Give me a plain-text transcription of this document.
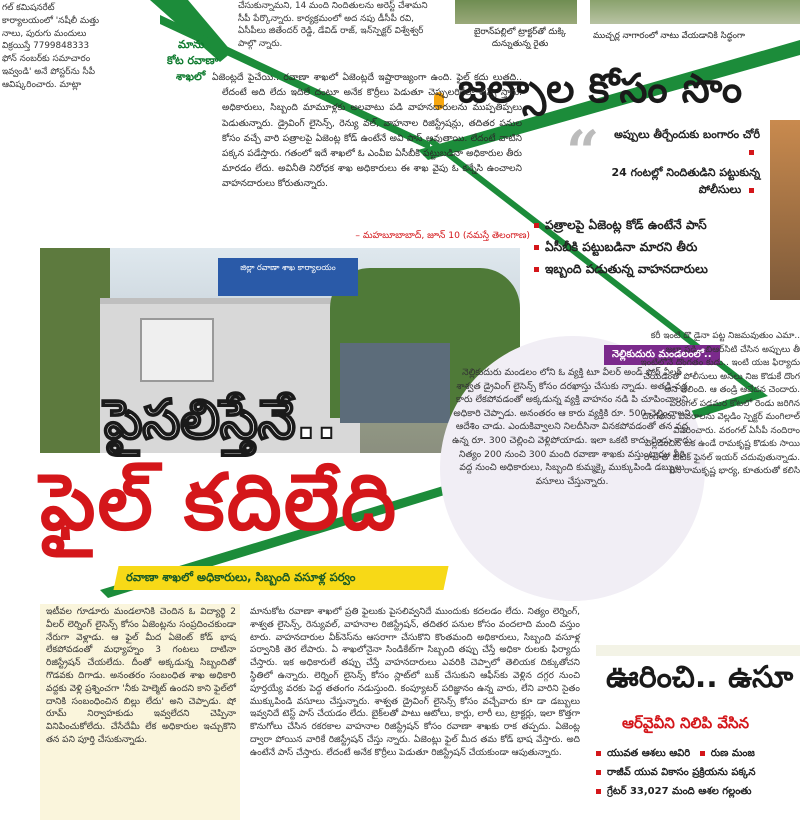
గల్ కమిషనరేట్ కార్యాలయంలో 'నషీలీ మత్తు నాలు, పురుగు మందులు విక్రయిస్తే 7799848333 ఫోన్ నంబర్‌కు సమాచారం ఇవ్వండి' అనే పోస్టర్‌ను సీపీ ఆవిష్కరించారు. మాట్లా
చేసుకున్నామని, 14 మంది నిందితులను అరెస్ట్ చేశామని సీపీ పేర్కొన్నారు. కార్యక్రమంలో అద నపు డీసీపీ రవి, ఏసీపీలు జితేందర్ రెడ్డి, డేవిడ్ రాజ్, ఇన్‌స్పెక్టర్ విశ్వేశ్వర్ పాల్గొ న్నారు.
బైరాన్‌పల్లిలో ట్రాక్టర్‌తో దుక్కి దున్నుతున్న రైతు
ముచ్చర్ల నాగారంలో నాటు వేయడానికి సిద్ధంగా
జల్సాల కోసం సొం
“	అప్పులు తీర్చేందుకు బంగారం చోరీ
24 గంటల్లో నిందితుడిని పట్టుకున్న పోలీసులు
మాను
కోట రవాణా
శాఖలో ఏజెంట్లదే పైచేయి.. రవాణా శాఖలో ఏజెంట్లదే ఇష్టారాజ్యంగా ఉంది. ఫైల్ కదు లుతది.. లేదంటే అది లేదు ఇదిలే దంటూ అనేక కొర్రీలు పెడుతూ చెప్పులరిగేలా తిప్పి స్తారు. అధికారులు, సిబ్బంది మామూళ్లకు అలవాటు పడి వాహనదారులను ముప్పతిప్పలు పెడుతున్నారు. డ్రైవింగ్ లైసెన్స్, రెన్యు వల్, వాహనాల రిజిస్ట్రేషన్లు, తదితర పనుల కోసం వచ్చే వారి పత్రాలపై ఏజెంట్ల కోడ్ ఉంటేనే అవి పాస్ అవుతాయి. లేదంటే వాటిని పక్కన పడేస్తారు. గతంలో ఇదే శాఖలో ఓ ఎంవీఐ ఏసీబీకి పట్టుబడినా అధికారుల తీరు మారడం లేదు. అవినీతి నిరోధక శాఖ అధికారులు ఈ శాఖ వైపు ఓ కన్నేసి ఉంచాలని వాహనదారులు కోరుతున్నారు.
– మహబూబాబాద్, జూన్ 10 (నమస్తే తెలంగాణ)
పత్రాలపై ఏజెంట్ల కోడ్ ఉంటేనే పాస్
ఏసీబీకి పట్టుబడినా మారని తీరు
ఇబ్బంది పడుతున్న వాహనదారులు
జిల్లా రవాణా శాఖ కార్యాలయం
పైసలిస్తేనే..
ఫైల్ కదిలేది
రవాణా శాఖలో అధికారులు, సిబ్బంది వసూళ్ల పర్వం
నెల్లికుదురు మండలంలో..
నెల్లికుదురు మండలం లోని ఓ వ్యక్తి టూ వీలర్ అండ్ ఫోర్ వీలర్ శాశ్వత డ్రైవింగ్ లైసెన్స్ కోసం దరఖాస్తు చేసుకు న్నాడు. అతడి వద్ద కారు లేకపోవడంతో అక్కడున్న వ్యక్తి వాహనం నడి పి చూపించాలని అధికారి చెప్పాడు. అనంతరం ఆ కారు వ్యక్తికి రూ. 500 చెల్లించాలని ఆదేశిం చాడు. ఎందుకివ్వాలని నిలదీసినా వినకపోవడంతో తన వద్ద ఉన్న రూ. 300 చెల్లించి వెళ్లిపోయాడు. ఇలా ఒకటి కాదు రెండు కాదు నిత్యం 200 నుంచి 300 మంది రవాణా శాఖకు వస్తుంటారు. వీరి వద్ద నుంచి అధికారులు, సిబ్బంది కుమ్మక్కై ముక్కుపిండి డబ్బులు వసూలు చేస్తున్నారు.
కరీ ఇంటి దొ డైనా పట్ట నిజమవుతుం ఎమా.. జలా పడి.. బిఆర్‌సిటి చేసిన అప్పులు తీ ఇంటిలోనే దొంగతం కుడు.. ఇంటి యజ ఫిర్యాదు చేయడంతో పోలీసులు అసలు నిజ కొడుకే దొంగ అని తేలింది. ఆ తండ్రి ఆవేదన చెందారు. వరంగల్ పడమర కోటలో రెండు జరిగిన దొంగతనం వివరాలను వెల్లడిం స్పెక్టర్ మంగిలాల్ వివరించారు. వరంగల్ ఏసీపీ నందిరాం వెల్లడించిన టక ఉండే రామకృష్ణ కొడుకు సాయి రాజాతో బీటెక్ ఫైనల్ ఇయర్ చదువుతున్నాడు. 8న రామకృష్ణ భార్య, కూతురుతో కలిసి
ఊరించి.. ఉసూ
ఆర్‌వైవీని నిలిపి వేసిన
యువత ఆశలు ఆవిరి రుణ మంజ
రాజీవ్ యువ వికాసం ప్రక్రియను పక్కన
గ్రేటర్ 33,027 మంది ఆశల గల్లంతు
ఇటీవల గూడూరు మండలానికి చెందిన ఓ విద్యార్థి 2 వీలర్ లెర్నింగ్ లైసెన్స్ కోసం ఏజెంట్లను సంప్రదించకుండా నేరుగా వెళ్లాడు. ఆ ఫైల్ మీద ఏజెంట్ కోడ్ భాష లేకపోవడంతో మధ్యాహ్నం 3 గంటలు దాటినా రిజిస్ట్రేషన్ చేయలేదు. దీంతో అక్కడున్న సిబ్బందితో గొడవకు దిగాడు. అనంతరం సంబంధిత శాఖ అధికారి వద్దకు వెళ్లి ప్రశ్నించగా 'నీకు హెల్మెట్ ఉందని కాని ఫైల్‌లో దానికి సంబంధించిన బిల్లు లేదు' అని చెప్పాడు. షో రూమ్ నిర్వాహకుడు ఇవ్వలేదని చెప్పినా వినిపించుకోలేదు. చేసేదేమీ లేక అధికారుల ఇచ్చుకొని తన పని పూర్తి చేసుకున్నాడు.
మానుకోట రవాణా శాఖలో ప్రతి ఫైలుకు పైసలివ్వనిదే ముందుకు కదలడం లేదు. నిత్యం లెర్నింగ్, శాశ్వత లైసెన్స్, రెన్యువల్, వాహనాల రిజిస్ట్రేషన్, తదితర పనుల కోసం వందలాది మంది వస్తుం టారు. వాహనదారుల వీక్‌నెస్‌ను ఆసరాగా చేసుకొని కొంతమంది అధికారులు, సిబ్బంది వసూళ్ల పర్వానికి తెర లేపారు. ఏ శాఖలోనైనా సిండికేట్‌గా సిబ్బంది తప్పు చేస్తే అధికా రులకు ఫిర్యాదు చేస్తారు. ఇక అధికారులే తప్పు చేస్తే వాహనదారులు ఎవరికి చెప్పాలో తెలియక దిక్కుతోచని స్థితిలో ఉన్నారు. లెర్నింగ్ లైసెన్స్ కోసం స్లాట్‌లో బుక్ చేసుకుని ఆఫీస్‌కు వెళ్లిన దగ్గర నుంచి పూర్తయ్యే వరకు పెద్ద తతంగం నడుస్తుంది. కంప్యూటర్ పరిజ్ఞానం ఉన్న వారు, లేని వారిని సైతం ముక్కుపిండి వసూలు చేస్తున్నారు. శాశ్వత డ్రైవింగ్ లైసెన్స్ కోసం వచ్చేవారు కూ డా డబ్బులు ఇవ్వనిదే టెస్ట్ పాస్ చేయడం లేదు. బైక్‌లతో పాటు ఆటోలు, కార్లు, లారీ లు, ట్రాక్టర్లు, ఇలా కొత్తగా కొనుగోలు చేసిన రకరకాల వాహనాల రిజిస్ట్రేషన్ కోసం రవాణా శాఖకు రాక తప్పదు. ఏజెంట్ల ద్వారా పోయిన వారికే రిజిస్ట్రేషన్ చేస్తు న్నారు. ఏజెంట్లు ఫైల్ మీద తమ కోడ్ భాష వేస్తారు. అది ఉంటేనే పాస్ చేస్తారు. లేదంటే అనేక కొర్రీలు పెడుతూ రిజిస్ట్రేషన్ చేయకుండా ఆపుతున్నారు.
